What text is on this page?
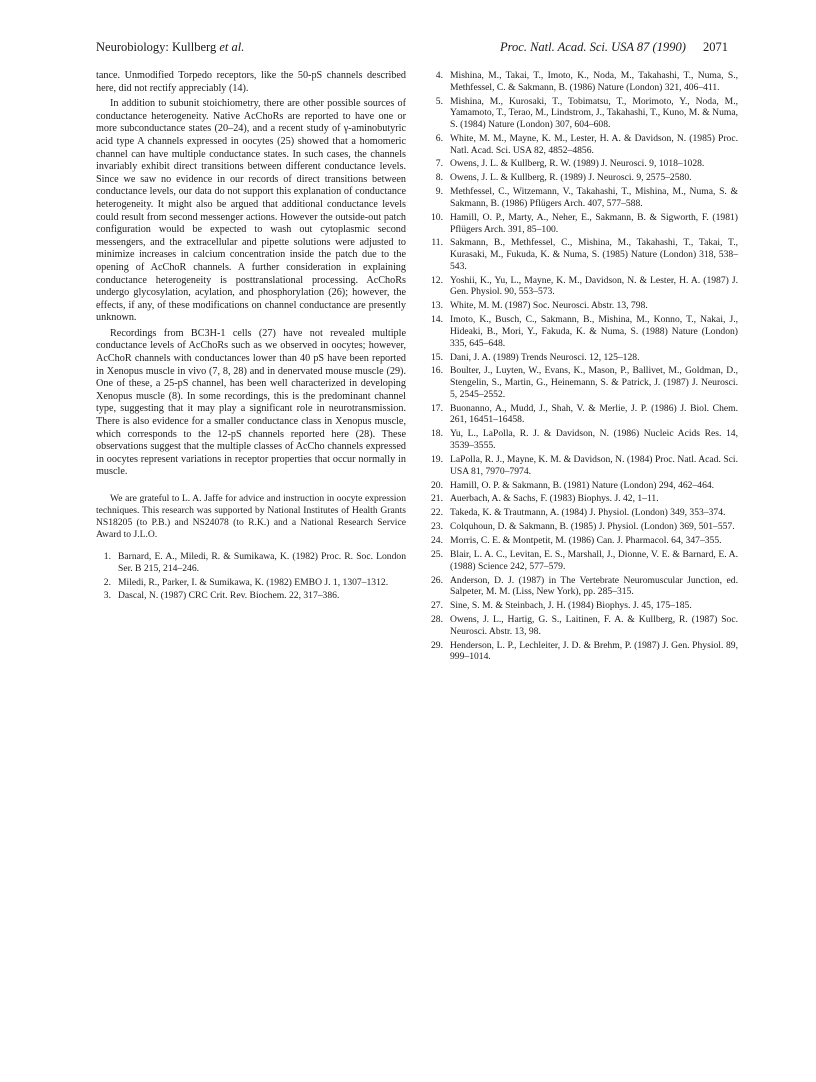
Neurobiology: Kullberg et al.	Proc. Natl. Acad. Sci. USA 87 (1990) 2071

tance. Unmodified Torpedo receptors, like the 50-pS channels described here, did not rectify appreciably (14).

In addition to subunit stoichiometry, there are other possible sources of conductance heterogeneity. Native AcChoRs are reported to have one or more subconductance states (20–24), and a recent study of γ-aminobutyric acid type A channels expressed in oocytes (25) showed that a homomeric channel can have multiple conductance states. In such cases, the channels invariably exhibit direct transitions between different conductance levels. Since we saw no evidence in our records of direct transitions between conductance levels, our data do not support this explanation of conductance heterogeneity. It might also be argued that additional conductance levels could result from second messenger actions. However the outside-out patch configuration would be expected to wash out cytoplasmic second messengers, and the extracellular and pipette solutions were adjusted to minimize increases in calcium concentration inside the patch due to the opening of AcChoR channels. A further consideration in explaining conductance heterogeneity is posttranslational processing. AcChoRs undergo glycosylation, acylation, and phosphorylation (26); however, the effects, if any, of these modifications on channel conductance are presently unknown.

Recordings from BC3H-1 cells (27) have not revealed multiple conductance levels of AcChoRs such as we observed in oocytes; however, AcChoR channels with conductances lower than 40 pS have been reported in Xenopus muscle in vivo (7, 8, 28) and in denervated mouse muscle (29). One of these, a 25-pS channel, has been well characterized in developing Xenopus muscle (8). In some recordings, this is the predominant channel type, suggesting that it may play a significant role in neurotransmission. There is also evidence for a smaller conductance class in Xenopus muscle, which corresponds to the 12-pS channels reported here (28). These observations suggest that the multiple classes of AcCho channels expressed in oocytes represent variations in receptor properties that occur normally in muscle.

We are grateful to L. A. Jaffe for advice and instruction in oocyte expression techniques. This research was supported by National Institutes of Health Grants NS18205 (to P.B.) and NS24078 (to R.K.) and a National Research Service Award to J.L.O.

1. Barnard, E. A., Miledi, R. & Sumikawa, K. (1982) Proc. R. Soc. London Ser. B 215, 214–246.
2. Miledi, R., Parker, I. & Sumikawa, K. (1982) EMBO J. 1, 1307–1312.
3. Dascal, N. (1987) CRC Crit. Rev. Biochem. 22, 317–386.
4. Mishina, M., Takai, T., Imoto, K., Noda, M., Takahashi, T., Numa, S., Methfessel, C. & Sakmann, B. (1986) Nature (London) 321, 406–411.
5. Mishina, M., Kurosaki, T., Tobimatsu, T., Morimoto, Y., Noda, M., Yamamoto, T., Terao, M., Lindstrom, J., Takahashi, T., Kuno, M. & Numa, S. (1984) Nature (London) 307, 604–608.
6. White, M. M., Mayne, K. M., Lester, H. A. & Davidson, N. (1985) Proc. Natl. Acad. Sci. USA 82, 4852–4856.
7. Owens, J. L. & Kullberg, R. W. (1989) J. Neurosci. 9, 1018–1028.
8. Owens, J. L. & Kullberg, R. (1989) J. Neurosci. 9, 2575–2580.
9. Methfessel, C., Witzemann, V., Takahashi, T., Mishina, M., Numa, S. & Sakmann, B. (1986) Pflügers Arch. 407, 577–588.
10. Hamill, O. P., Marty, A., Neher, E., Sakmann, B. & Sigworth, F. (1981) Pflügers Arch. 391, 85–100.
11. Sakmann, B., Methfessel, C., Mishina, M., Takahashi, T., Takai, T., Kurasaki, M., Fukuda, K. & Numa, S. (1985) Nature (London) 318, 538–543.
12. Yoshii, K., Yu, L., Mayne, K. M., Davidson, N. & Lester, H. A. (1987) J. Gen. Physiol. 90, 553–573.
13. White, M. M. (1987) Soc. Neurosci. Abstr. 13, 798.
14. Imoto, K., Busch, C., Sakmann, B., Mishina, M., Konno, T., Nakai, J., Hideaki, B., Mori, Y., Fakuda, K. & Numa, S. (1988) Nature (London) 335, 645–648.
15. Dani, J. A. (1989) Trends Neurosci. 12, 125–128.
16. Boulter, J., Luyten, W., Evans, K., Mason, P., Ballivet, M., Goldman, D., Stengelin, S., Martin, G., Heinemann, S. & Patrick, J. (1987) J. Neurosci. 5, 2545–2552.
17. Buonanno, A., Mudd, J., Shah, V. & Merlie, J. P. (1986) J. Biol. Chem. 261, 16451–16458.
18. Yu, L., LaPolla, R. J. & Davidson, N. (1986) Nucleic Acids Res. 14, 3539–3555.
19. LaPolla, R. J., Mayne, K. M. & Davidson, N. (1984) Proc. Natl. Acad. Sci. USA 81, 7970–7974.
20. Hamill, O. P. & Sakmann, B. (1981) Nature (London) 294, 462–464.
21. Auerbach, A. & Sachs, F. (1983) Biophys. J. 42, 1–11.
22. Takeda, K. & Trautmann, A. (1984) J. Physiol. (London) 349, 353–374.
23. Colquhoun, D. & Sakmann, B. (1985) J. Physiol. (London) 369, 501–557.
24. Morris, C. E. & Montpetit, M. (1986) Can. J. Pharmacol. 64, 347–355.
25. Blair, L. A. C., Levitan, E. S., Marshall, J., Dionne, V. E. & Barnard, E. A. (1988) Science 242, 577–579.
26. Anderson, D. J. (1987) in The Vertebrate Neuromuscular Junction, ed. Salpeter, M. M. (Liss, New York), pp. 285–315.
27. Sine, S. M. & Steinbach, J. H. (1984) Biophys. J. 45, 175–185.
28. Owens, J. L., Hartig, G. S., Laitinen, F. A. & Kullberg, R. (1987) Soc. Neurosci. Abstr. 13, 98.
29. Henderson, L. P., Lechleiter, J. D. & Brehm, P. (1987) J. Gen. Physiol. 89, 999–1014.
